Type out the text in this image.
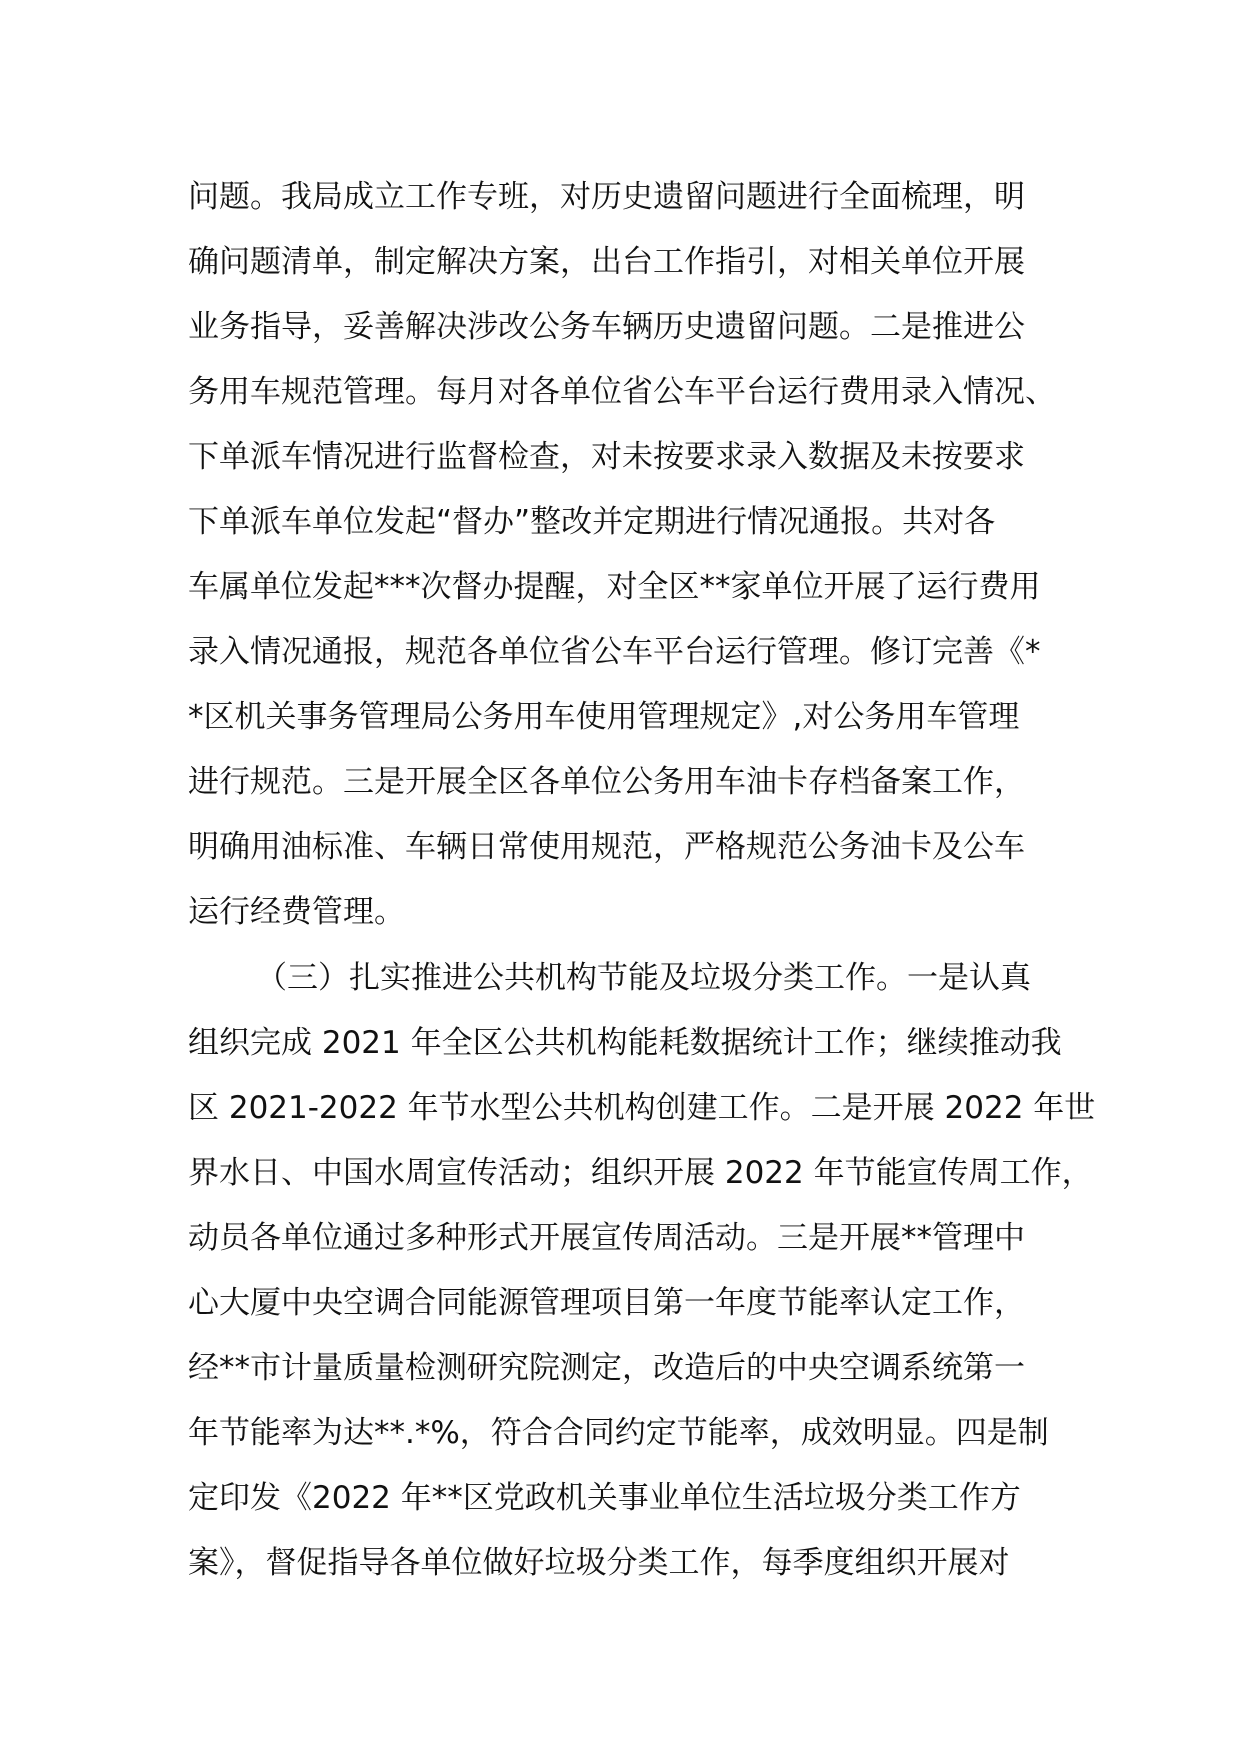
问题。我局成立工作专班，对历史遗留问题进行全面梳理，明
确问题清单，制定解决方案，出台工作指引，对相关单位开展
业务指导，妥善解决涉改公务车辆历史遗留问题。二是推进公
务用车规范管理。每月对各单位省公车平台运行费用录入情况、
下单派车情况进行监督检查，对未按要求录入数据及未按要求
下单派车单位发起“督办”整改并定期进行情况通报。共对各
车属单位发起***次督办提醒，对全区**家单位开展了运行费用
录入情况通报，规范各单位省公车平台运行管理。修订完善《*
*区机关事务管理局公务用车使用管理规定》,对公务用车管理
进行规范。三是开展全区各单位公务用车油卡存档备案工作，
明确用油标准、车辆日常使用规范，严格规范公务油卡及公车
运行经费管理。
（三）扎实推进公共机构节能及垃圾分类工作。一是认真
组织完成 2021 年全区公共机构能耗数据统计工作；继续推动我
区 2021-2022 年节水型公共机构创建工作。二是开展 2022 年世
界水日、中国水周宣传活动；组织开展 2022 年节能宣传周工作，
动员各单位通过多种形式开展宣传周活动。三是开展**管理中
心大厦中央空调合同能源管理项目第一年度节能率认定工作，
经**市计量质量检测研究院测定，改造后的中央空调系统第一
年节能率为达**.*%，符合合同约定节能率，成效明显。四是制
定印发《2022 年**区党政机关事业单位生活垃圾分类工作方
案》，督促指导各单位做好垃圾分类工作，每季度组织开展对
